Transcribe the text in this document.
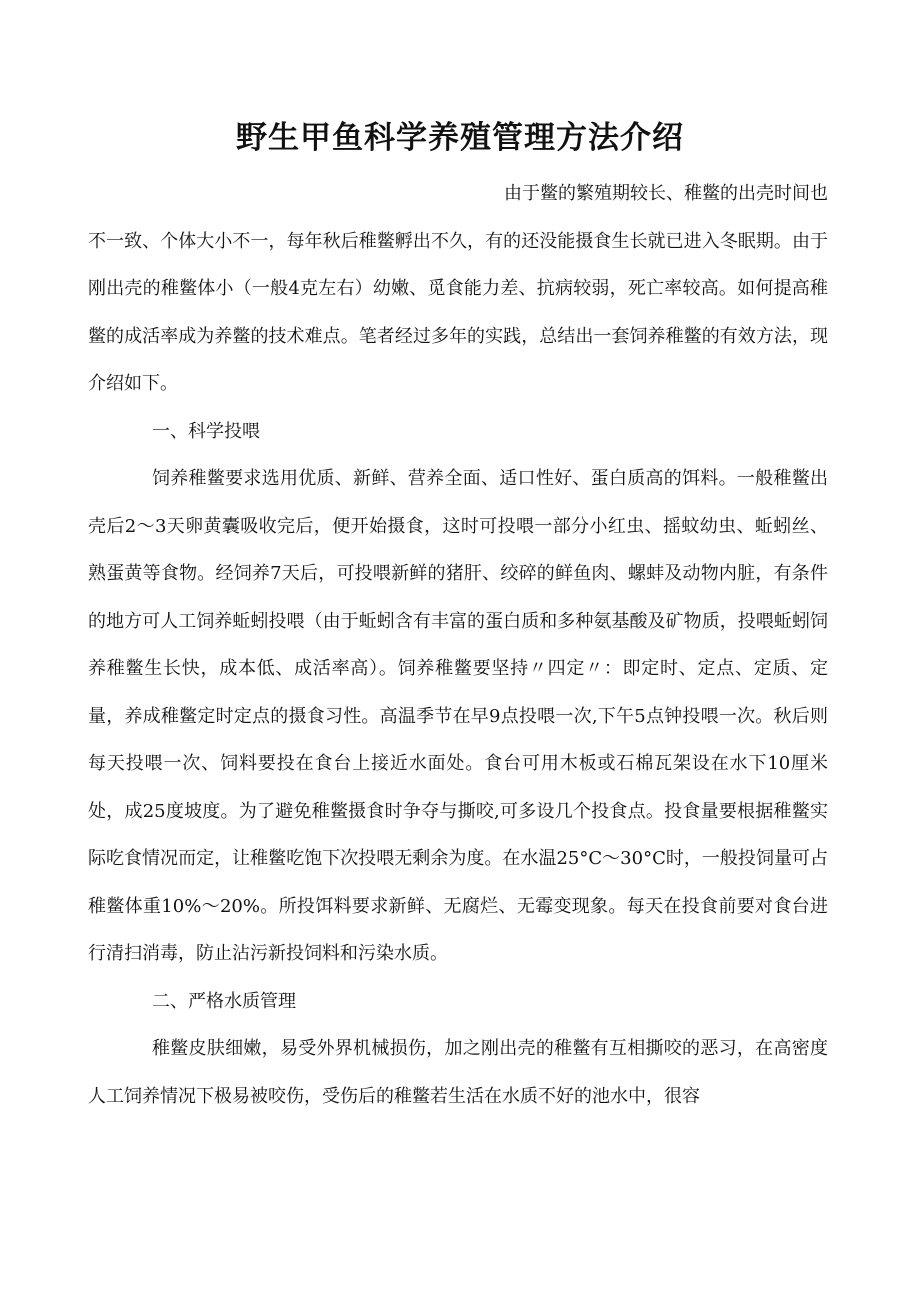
野生甲鱼科学养殖管理方法介绍

由于鳖的繁殖期较长、稚鳖的出壳时间也

不一致、个体大小不一，每年秋后稚鳖孵出不久，有的还没能摄食生长就已进入冬眠期。由于刚出壳的稚鳖体小（一般4克左右）幼嫩、觅食能力差、抗病较弱，死亡率较高。如何提高稚鳖的成活率成为养鳖的技术难点。笔者经过多年的实践，总结出一套饲养稚鳖的有效方法，现介绍如下。

一、科学投喂

饲养稚鳖要求选用优质、新鲜、营养全面、适口性好、蛋白质高的饵料。一般稚鳖出壳后2～3天卵黄囊吸收完后，便开始摄食，这时可投喂一部分小红虫、摇蚊幼虫、蚯蚓丝、熟蛋黄等食物。经饲养7天后，可投喂新鲜的猪肝、绞碎的鲜鱼肉、螺蚌及动物内脏，有条件的地方可人工饲养蚯蚓投喂（由于蚯蚓含有丰富的蛋白质和多种氨基酸及矿物质，投喂蚯蚓饲养稚鳖生长快，成本低、成活率高）。饲养稚鳖要坚持〃四定〃：即定时、定点、定质、定量，养成稚鳖定时定点的摄食习性。高温季节在早9点投喂一次,下午5点钟投喂一次。秋后则每天投喂一次、饲料要投在食台上接近水面处。食台可用木板或石棉瓦架设在水下10厘米处，成25度坡度。为了避免稚鳖摄食时争夺与撕咬,可多设几个投食点。投食量要根据稚鳖实际吃食情况而定，让稚鳖吃饱下次投喂无剩余为度。在水温25°C～30°C时，一般投饲量可占稚鳖体重10%～20%。所投饵料要求新鲜、无腐烂、无霉变现象。每天在投食前要对食台进行清扫消毒，防止沾污新投饲料和污染水质。

二、严格水质管理

稚鳖皮肤细嫩，易受外界机械损伤，加之刚出壳的稚鳖有互相撕咬的恶习，在高密度人工饲养情况下极易被咬伤，受伤后的稚鳖若生活在水质不好的池水中，很容
